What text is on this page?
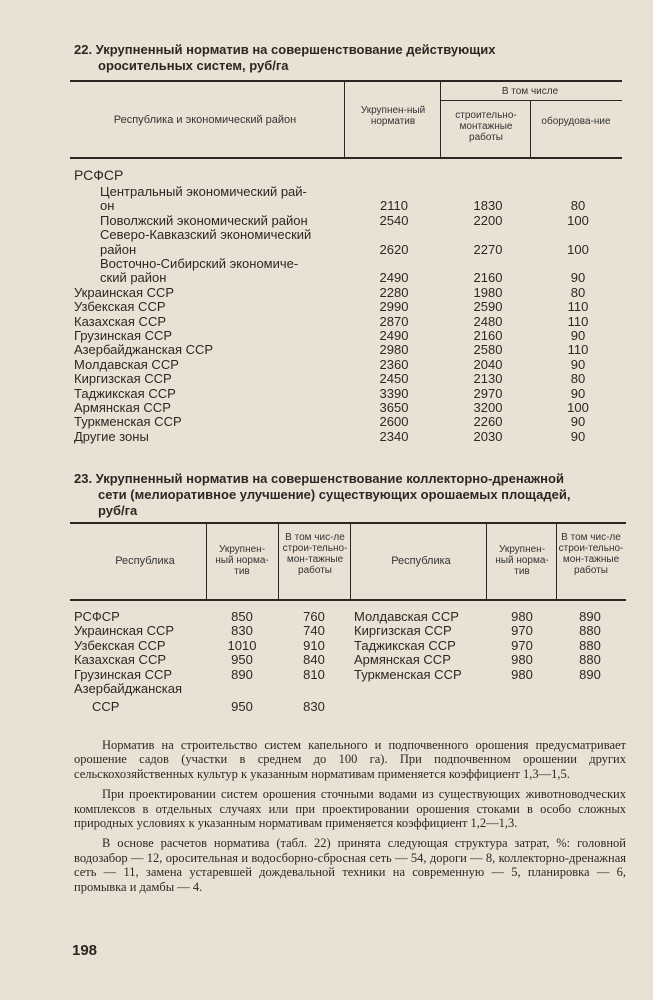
22. Укрупненный норматив на совершенствование действующих
оросительных систем, руб/га
Республика и экономический район
Укрупнен-ный норматив
В том числе
строительно-монтажные работы
оборудова-ние
РСФСР
Центральный экономический рай-
он	2110	1830	80
Поволжский экономический район	2540	2200	100
Северо-Кавказский экономический
район	2620	2270	100
Восточно-Сибирский экономиче-
ский район	2490	2160	90
Украинская ССР	2280	1980	80
Узбекская ССР	2990	2590	110
Казахская ССР	2870	2480	110
Грузинская ССР	2490	2160	90
Азербайджанская ССР	2980	2580	110
Молдавская ССР	2360	2040	90
Киргизская ССР	2450	2130	80
Таджикская ССР	3390	2970	90
Армянская ССР	3650	3200	100
Туркменская ССР	2600	2260	90
Другие зоны	2340	2030	90
23. Укрупненный норматив на совершенствование коллекторно-дренажной
сети (мелиоративное улучшение) существующих орошаемых площадей,
руб/га
Республика
Укрупнен-ный норма-тив
В том чис-ле строи-тельно-мон-тажные работы
Республика
Укрупнен-ный норма-тив
В том чис-ле строи-тельно-мон-тажные работы
РСФСР	850	760
Украинская ССР	830	740
Узбекская ССР	1010	910
Казахская ССР	950	840
Грузинская ССР	890	810
Азербайджанская
ССР	950	830
Молдавская ССР	980	890
Киргизская ССР	970	880
Таджикская ССР	970	880
Армянская ССР	980	880
Туркменская ССР	980	890

Норматив на строительство систем капельного и подпочвенного орошения предусматривает орошение садов (участки в среднем до 100 га). При подпочвенном орошении других сельскохозяйственных культур к указанным нормативам применяется коэффициент 1,3—1,5.

При проектировании систем орошения сточными водами из существующих животноводческих комплексов в отдельных случаях или при проектировании орошения стоками в особо сложных природных условиях к указанным нормативам применяется коэффициент 1,2—1,3.

В основе расчетов норматива (табл. 22) принята следующая структура затрат, %: головной водозабор — 12, оросительная и водосборно-сбросная сеть — 54, дороги — 8, коллекторно-дренажная сеть — 11, замена устаревшей дождевальной техники на современную — 5, планировка — 6, промывка и дамбы — 4.

198
